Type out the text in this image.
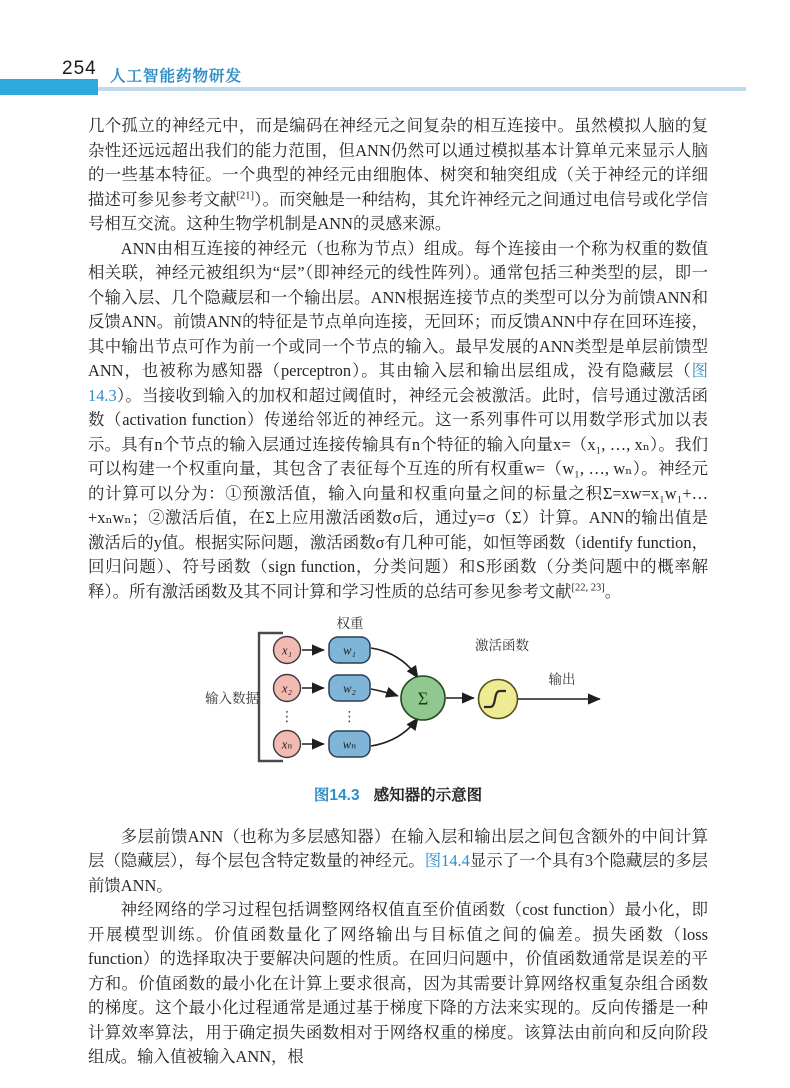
254 人工智能药物研发

几个孤立的神经元中，而是编码在神经元之间复杂的相互连接中。虽然模拟人脑的复杂性还远远超出我们的能力范围，但ANN仍然可以通过模拟基本计算单元来显示人脑的一些基本特征。一个典型的神经元由细胞体、树突和轴突组成（关于神经元的详细描述可参见参考文献[21]）。而突触是一种结构，其允许神经元之间通过电信号或化学信号相互交流。这种生物学机制是ANN的灵感来源。

ANN由相互连接的神经元（也称为节点）组成。每个连接由一个称为权重的数值相关联，神经元被组织为“层”（即神经元的线性阵列）。通常包括三种类型的层，即一个输入层、几个隐藏层和一个输出层。ANN根据连接节点的类型可以分为前馈ANN和反馈ANN。前馈ANN的特征是节点单向连接，无回环；而反馈ANN中存在回环连接，其中输出节点可作为前一个或同一个节点的输入。最早发展的ANN类型是单层前馈型ANN，也被称为感知器（perceptron）。其由输入层和输出层组成，没有隐藏层（图14.3）。当接收到输入的加权和超过阈值时，神经元会被激活。此时，信号通过激活函数（activation function）传递给邻近的神经元。这一系列事件可以用数学形式加以表示。具有n个节点的输入层通过连接传输具有n个特征的输入向量x=（x₁, …, xₙ）。我们可以构建一个权重向量，其包含了表征每个互连的所有权重w=（w₁, …, wₙ）。神经元的计算可以分为：①预激活值，输入向量和权重向量之间的标量之积Σ=xw=x₁w₁+…+xₙwₙ；②激活后值，在Σ上应用激活函数σ后，通过y=σ（Σ）计算。ANN的输出值是激活后的y值。根据实际问题，激活函数σ有几种可能，如恒等函数（identify function，回归问题）、符号函数（sign function，分类问题）和S形函数（分类问题中的概率解释）。所有激活函数及其不同计算和学习性质的总结可参见参考文献[22, 23]。

权重
激活函数
输入数据
输出
x₁
x₂
⋮
xₙ
w₁
w₂
⋮
wₙ
Σ
图14.3 感知器的示意图

多层前馈ANN（也称为多层感知器）在输入层和输出层之间包含额外的中间计算层（隐藏层），每个层包含特定数量的神经元。图14.4显示了一个具有3个隐藏层的多层前馈ANN。

神经网络的学习过程包括调整网络权值直至价值函数（cost function）最小化，即开展模型训练。价值函数量化了网络输出与目标值之间的偏差。损失函数（loss function）的选择取决于要解决问题的性质。在回归问题中，价值函数通常是误差的平方和。价值函数的最小化在计算上要求很高，因为其需要计算网络权重复杂组合函数的梯度。这个最小化过程通常是通过基于梯度下降的方法来实现的。反向传播是一种计算效率算法，用于确定损失函数相对于网络权重的梯度。该算法由前向和反向阶段组成。输入值被输入ANN，根
